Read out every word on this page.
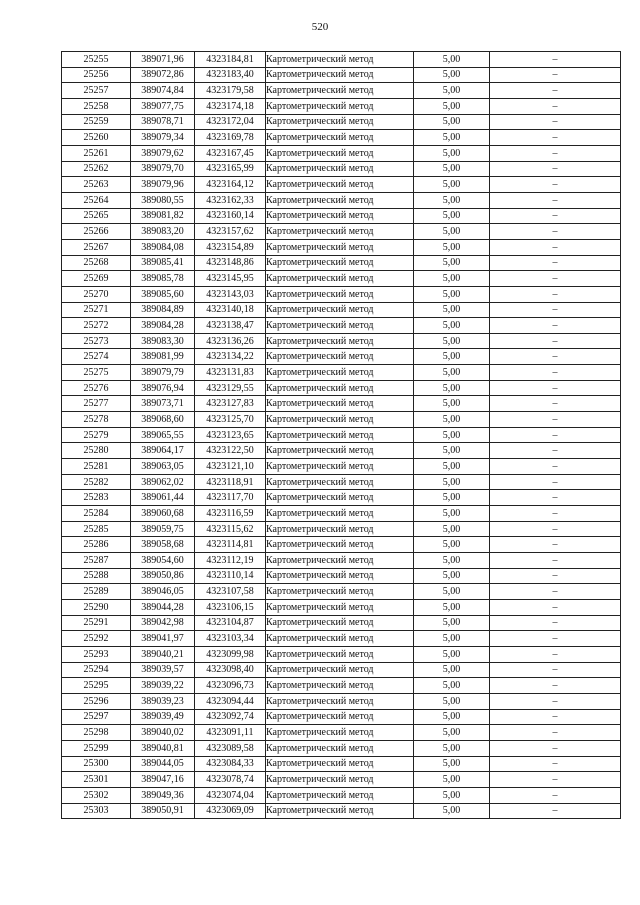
520
25255	389071,96	4323184,81	Картометрический метод	5,00	–
25256	389072,86	4323183,40	Картометрический метод	5,00	–
25257	389074,84	4323179,58	Картометрический метод	5,00	–
25258	389077,75	4323174,18	Картометрический метод	5,00	–
25259	389078,71	4323172,04	Картометрический метод	5,00	–
25260	389079,34	4323169,78	Картометрический метод	5,00	–
25261	389079,62	4323167,45	Картометрический метод	5,00	–
25262	389079,70	4323165,99	Картометрический метод	5,00	–
25263	389079,96	4323164,12	Картометрический метод	5,00	–
25264	389080,55	4323162,33	Картометрический метод	5,00	–
25265	389081,82	4323160,14	Картометрический метод	5,00	–
25266	389083,20	4323157,62	Картометрический метод	5,00	–
25267	389084,08	4323154,89	Картометрический метод	5,00	–
25268	389085,41	4323148,86	Картометрический метод	5,00	–
25269	389085,78	4323145,95	Картометрический метод	5,00	–
25270	389085,60	4323143,03	Картометрический метод	5,00	–
25271	389084,89	4323140,18	Картометрический метод	5,00	–
25272	389084,28	4323138,47	Картометрический метод	5,00	–
25273	389083,30	4323136,26	Картометрический метод	5,00	–
25274	389081,99	4323134,22	Картометрический метод	5,00	–
25275	389079,79	4323131,83	Картометрический метод	5,00	–
25276	389076,94	4323129,55	Картометрический метод	5,00	–
25277	389073,71	4323127,83	Картометрический метод	5,00	–
25278	389068,60	4323125,70	Картометрический метод	5,00	–
25279	389065,55	4323123,65	Картометрический метод	5,00	–
25280	389064,17	4323122,50	Картометрический метод	5,00	–
25281	389063,05	4323121,10	Картометрический метод	5,00	–
25282	389062,02	4323118,91	Картометрический метод	5,00	–
25283	389061,44	4323117,70	Картометрический метод	5,00	–
25284	389060,68	4323116,59	Картометрический метод	5,00	–
25285	389059,75	4323115,62	Картометрический метод	5,00	–
25286	389058,68	4323114,81	Картометрический метод	5,00	–
25287	389054,60	4323112,19	Картометрический метод	5,00	–
25288	389050,86	4323110,14	Картометрический метод	5,00	–
25289	389046,05	4323107,58	Картометрический метод	5,00	–
25290	389044,28	4323106,15	Картометрический метод	5,00	–
25291	389042,98	4323104,87	Картометрический метод	5,00	–
25292	389041,97	4323103,34	Картометрический метод	5,00	–
25293	389040,21	4323099,98	Картометрический метод	5,00	–
25294	389039,57	4323098,40	Картометрический метод	5,00	–
25295	389039,22	4323096,73	Картометрический метод	5,00	–
25296	389039,23	4323094,44	Картометрический метод	5,00	–
25297	389039,49	4323092,74	Картометрический метод	5,00	–
25298	389040,02	4323091,11	Картометрический метод	5,00	–
25299	389040,81	4323089,58	Картометрический метод	5,00	–
25300	389044,05	4323084,33	Картометрический метод	5,00	–
25301	389047,16	4323078,74	Картометрический метод	5,00	–
25302	389049,36	4323074,04	Картометрический метод	5,00	–
25303	389050,91	4323069,09	Картометрический метод	5,00	–
